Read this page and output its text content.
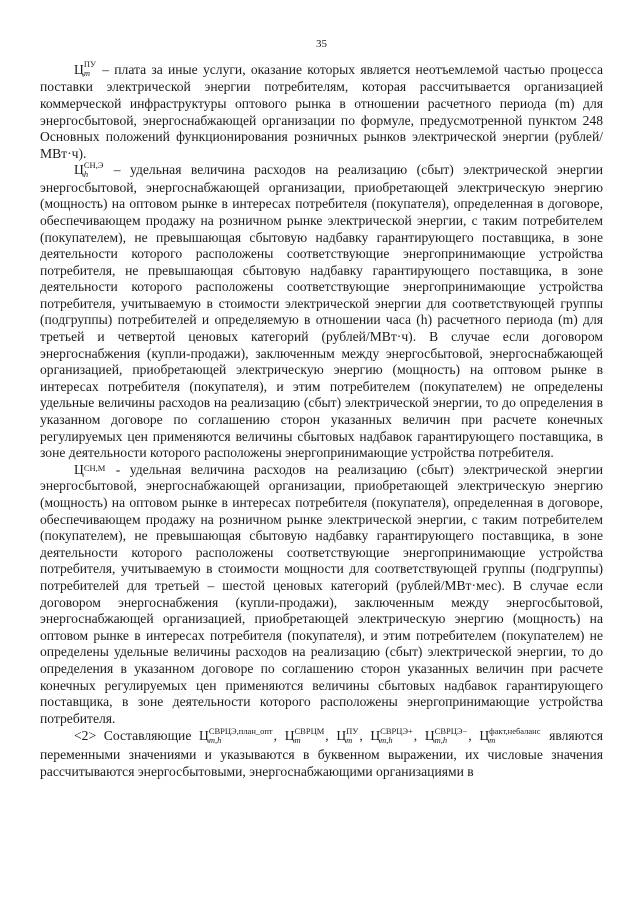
35

Ц ПУ
m – плата за иные услуги, оказание которых является неотъемлемой частью процесса поставки электрической энергии потребителям, которая рассчитывается организацией коммерческой инфраструктуры оптового рынка в отношении расчетного периода (m) для энергосбытовой, энергоснабжающей организации по формуле, предусмотренной пунктом 248 Основных положений функционирования розничных рынков электрической энергии (рублей/МВт·ч).

Ц СН,Э
h	– удельная величина расходов на реализацию (сбыт) электрической энергии энергосбытовой, энергоснабжающей организации, приобретающей электрическую энергию (мощность) на оптовом рынке в интересах потребителя (покупателя), определенная в договоре, обеспечивающем продажу на розничном рынке электрической энергии, с таким потребителем (покупателем), не превышающая сбытовую надбавку гарантирующего поставщика, в зоне деятельности которого расположены соответствующие энергопринимающие устройства потребителя, не превышающая сбытовую надбавку гарантирующего поставщика, в зоне деятельности которого расположены соответствующие энергопринимающие устройства потребителя, учитываемую в стоимости электрической энергии для соответствующей группы (подгруппы) потребителей и определяемую в отношении часа (h) расчетного периода (m) для третьей и четвертой ценовых категорий (рублей/МВт·ч). В случае если договором энергоснабжения (купли-продажи), заключенным между энергосбытовой, энергоснабжающей организацией, приобретающей электрическую энергию (мощность) на оптовом рынке в интересах потребителя (покупателя), и этим потребителем (покупателем) не определены удельные величины расходов на реализацию (сбыт) электрической энергии, то до определения в указанном договоре по соглашению сторон указанных величин при расчете конечных регулируемых цен применяются величины сбытовых надбавок гарантирующего поставщика, в зоне деятельности которого расположены энергопринимающие устройства потребителя.

Ц СН,М - удельная величина расходов на реализацию (сбыт) электрической энергии энергосбытовой, энергоснабжающей организации, приобретающей электрическую энергию (мощность) на оптовом рынке в интересах потребителя (покупателя), определенная в договоре, обеспечивающем продажу на розничном рынке электрической энергии, с таким потребителем (покупателем), не превышающая сбытовую надбавку гарантирующего поставщика, в зоне деятельности которого расположены соответствующие энергопринимающие устройства потребителя, учитываемую в стоимости мощности для соответствующей группы (подгруппы) потребителей для третьей – шестой ценовых категорий (рублей/МВт·мес). В случае если договором энергоснабжения (купли-продажи), заключенным между энергосбытовой, энергоснабжающей организацией, приобретающей электрическую энергию (мощность) на оптовом рынке в интересах потребителя (покупателя), и этим потребителем (покупателем) не определены удельные величины расходов на реализацию (сбыт) электрической энергии, то до определения в указанном договоре по соглашению сторон указанных величин при расчете конечных регулируемых цен применяются величины сбытовых надбавок гарантирующего поставщика, в зоне деятельности которого расположены энергопринимающие устройства потребителя.

<2> Составляющие Ц СВРЦЭ,план_опт
m,h	, Ц СВРЦМ
m	, Ц ПУ
m , Ц СВРЦЭ+
m,h	, Ц СВРЦЭ−
m,h	, Ц факт,небаланс
m	являются переменными значениями и указываются в буквенном выражении, их числовые значения рассчитываются энергосбытовыми, энергоснабжающими организациями в
